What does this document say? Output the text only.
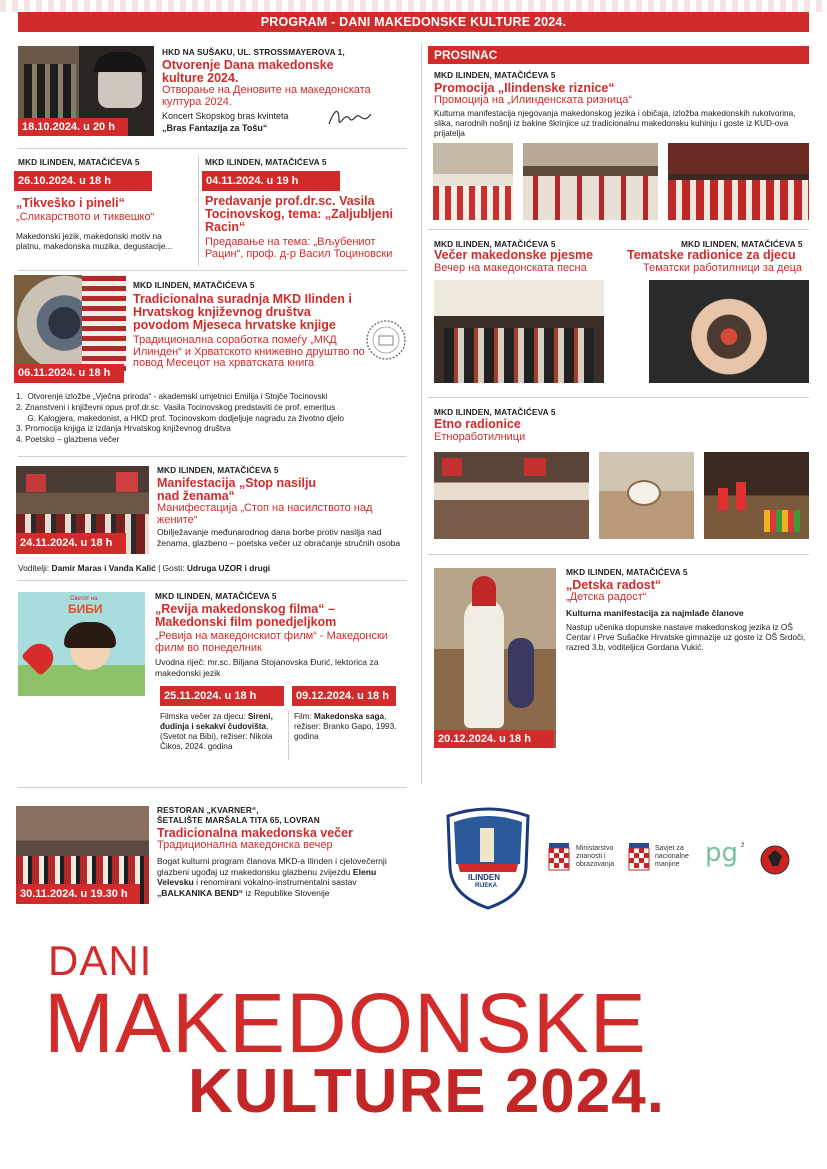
PROGRAM - DANI MAKEDONSKE KULTURE 2024.
18.10.2024. u 20 h
HKD NA SUŠAKU, UL. STROSSMAYEROVA 1,
Otvorenje Dana makedonske kulture 2024.
Отворање на Деновите на македонската култура 2024.
Koncert Skopskog bras kvinteta
„Bras Fantazija za Tošu“
MKD ILINDEN, MATAČIĆEVA 5
26.10.2024. u 18 h
„Tikveško i pineli“
„Сликарството и тиквешко“
Makedonski jezik, makedonski motiv na platnu, makedonska muzika, degustacije...
MKD ILINDEN, MATAČIĆEVA 5
04.11.2024. u 19 h
Predavanje prof.dr.sc. Vasila Tocinovskog, tema: „Zaljubljeni Racin“
Предавање на тема: „Вљубениот Рацин“, проф. д-р Васил Тоциновски
06.11.2024. u 18 h
MKD ILINDEN, MATAČIĆEVA 5
Tradicionalna suradnja MKD Ilinden i Hrvatskog književnog društva povodom Mjeseca hrvatske knjige
Традиционална соработка помеѓу „МКД Илинден“ и Хрватското книжевно друштво по повод Месецот на хрватската книга
1.  Otvorenje izložbe „Vječna priroda“ - akademski umjetnici Emilija i Stojče Tocinovski
2. Znanstveni i književni opus prof.dr.sc. Vasila Tocinovskog predstaviti će prof. emeritus
G. Kalogjera, makedonist, a HKD prof. Tocinovskom dodjeljuje nagradu za životno djelo
3. Promocija knjiga iz izdanja Hrvatskog književnog društva
4. Poetsko – glazbena večer
24.11.2024. u 18 h
MKD ILINDEN, MATAČIĆEVA 5
Manifestacija „Stop nasilju nad ženama“
Манифестација „Стоп на насилството над жените“
Obilježavanje međunarodnog dana borbe protiv nasilja nad ženama, glazbeno – poetska večer uz obraćanje stručnih osoba
Voditelji: Damir Maras i Vanđa Kalić | Gosti: Udruga UZOR i drugi
Светот на
БИБИ
MKD ILINDEN, MATAČIĆEVA 5
„Revija makedonskog filma“ – Makedonski film ponedjeljkom
„Ревија на македонскиот филм“ - Македонски филм во понеделник
Uvodna riječ: mr.sc. Biljana Stojanovska Đurić, lektorica za makedonski jezik
25.11.2024. u 18 h	09.12.2024. u 18 h
Filmska večer za djecu: Sireni, đudinja i sekakvi čudovišta, (Svetot na Bibi), režiser: Nikola Čikos, 2024. godina
Film: Makedonska saga, režiser: Branko Gapo, 1993. godina
30.11.2024. u 19.30 h
RESTORAN „KVARNER“,
ŠETALIŠTE MARŠALA TITA 65, LOVRAN
Tradicionalna makedonska večer
Традиционална македонска вечер
Bogat kulturni program članova MKD-a Ilinden i cjelovečernji glazbeni ugođaj uz makedonsku glazbenu zvijezdu Elenu Velevsku i renomirani vokalno-instrumentalni sastav „BALKANIKA BEND“ iz Republike Slovenije
PROSINAC
MKD ILINDEN, MATAČIĆEVA 5
Promocija „Ilindenske riznice“
Промоција на „Илинденската ризница“
Kulturna manifestacija njegovanja makedonskog jezika i običaja, izložba makedonskih rukotvorina, slika, narodnih nošnji iz bakine škrinjice uz tradicionalnu makedonsku kuhinju i goste iz KUD-ova prijatelja
MKD ILINDEN, MATAČIĆEVA 5
Večer makedonske pjesme
Вечер на македонската песна
MKD ILINDEN, MATAČIĆEVA 5
Tematske radionice za djecu
Тематски работилници за деца
MKD ILINDEN, MATAČIĆEVA 5
Etno radionice
Етноработилници
20.12.2024. u 18 h
MKD ILINDEN, MATAČIĆEVA 5
„Detska radost“
„Детска радост“
Kulturna manifestacija za najmlađe članove
Nastup učenika dopunske nastave makedonskog jezika iz OŠ Centar i Prve Sušačke Hrvatske gimnazije uz goste iz OŠ Srdoči, razred 3.b, voditeljica Gordana Vukić.
ILINDEN
RIJEKA
Ministarstvo znanosti i obrazovanja
Savjet za nacionalne manjine pg ž
DANI
MAKEDONSKE
KULTURE 2024.
